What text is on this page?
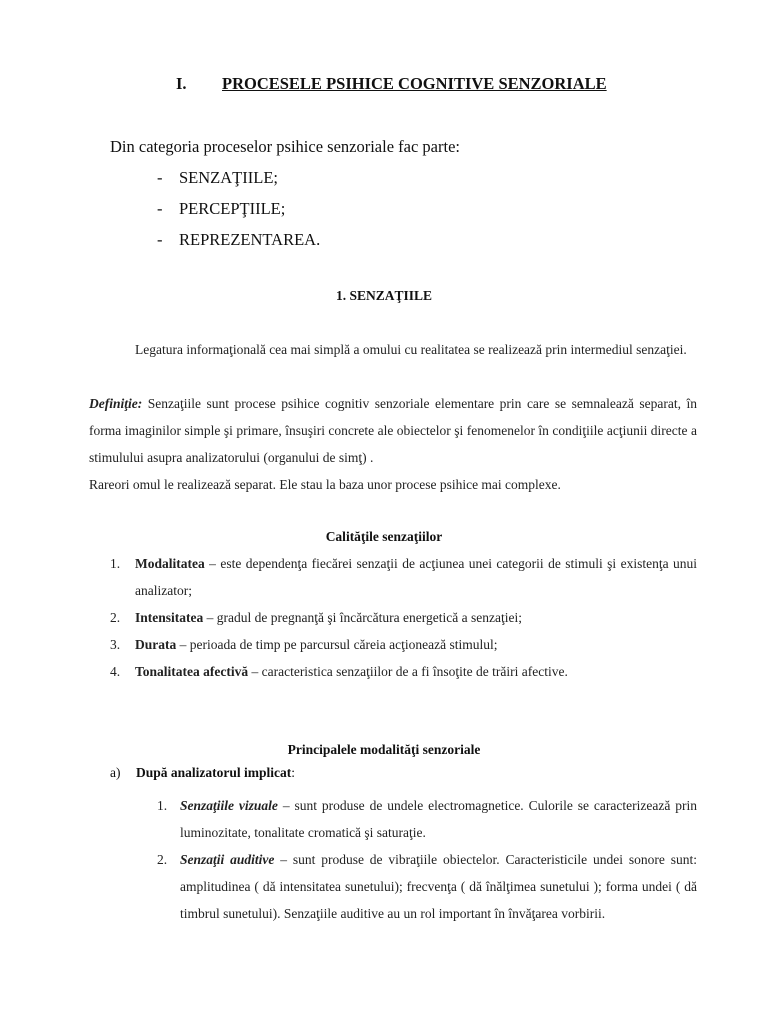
I. PROCESELE PSIHICE COGNITIVE SENZORIALE
Din categoria proceselor psihice senzoriale fac parte:
- SENZAŢIILE;
- PERCEPŢIILE;
- REPREZENTAREA.
1. SENZAŢIILE
Legatura informaţională cea mai simplă a omului cu realitatea se realizează prin intermediul senzaţiei.
Definiţie: Senzaţiile sunt procese psihice cognitiv senzoriale elementare prin care se semnalează separat, în forma imaginilor simple şi primare, însuşiri concrete ale obiectelor şi fenomenelor în condiţiile acţiunii directe a stimulului asupra analizatorului (organului de simţ) .
Rareori omul le realizează separat. Ele stau la baza unor procese psihice mai complexe.
Calităţile senzaţiilor
1. Modalitatea – este dependenţa fiecărei senzaţii de acţiunea unei categorii de stimuli şi existenţa unui analizator;
2. Intensitatea – gradul de pregnanţă şi încărcătura energetică a senzaţiei;
3. Durata – perioada de timp pe parcursul căreia acţionează stimulul;
4. Tonalitatea afectivă – caracteristica senzaţiilor de a fi însoţite de trăiri afective.
Principalele modalităţi senzoriale
a) După analizatorul implicat:
1. Senzaţiile vizuale – sunt produse de undele electromagnetice. Culorile se caracterizează prin luminozitate, tonalitate cromatică şi saturaţie.
2. Senzaţii auditive – sunt produse de vibraţiile obiectelor. Caracteristicile undei sonore sunt: amplitudinea ( dă intensitatea sunetului); frecvenţa ( dă înălţimea sunetului ); forma undei ( dă timbrul sunetului). Senzaţiile auditive au un rol important în învăţarea vorbirii.
